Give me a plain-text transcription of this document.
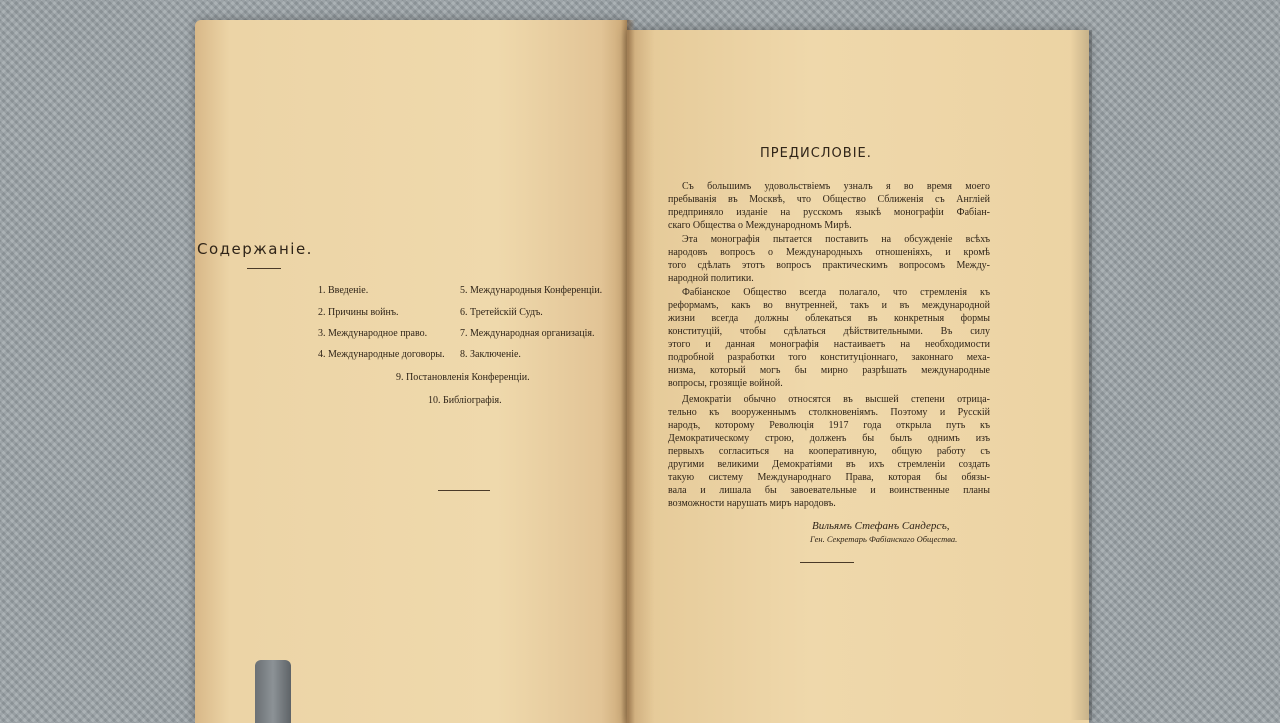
Содержанiе.
1. Введенiе.
2. Причины войнъ.
3. Международное право.
4. Международные договоры.
5. Международныя Конференцiи.
6. Третейскiй Судъ.
7. Международная организацiя.
8. Заключенiе.
9. Постановленiя Конференцiи.
10. Библiографiя.
ПРЕДИСЛОВIЕ.
Съ большимъ удовольствiемъ узналъ я во время моего
пребыванiя въ Москвѣ, что Общество Сближенiя съ Англiей
предприняло изданiе на русскомъ языкѣ монографiи Фабiан-
скаго Общества о Международномъ Мирѣ.
Эта монографiя пытается поставить на обсужденiе всѣхъ
народовъ вопросъ о Международныхъ отношенiяхъ, и кромѣ
того сдѣлать этотъ вопросъ практическимъ вопросомъ Между-
народной политики.
Фабiанское Общество всегда полагало, что стремленiя къ
реформамъ, какъ во внутренней, такъ и въ международной
жизни всегда должны облекаться въ конкретныя формы
конституцiй, чтобы сдѣлаться дѣйствительными. Въ силу
этого и данная монографiя настаиваетъ на необходимости
подробной разработки того конституцiоннаго, законнаго меха-
низма, который могъ бы мирно разрѣшать международные
вопросы, грозящiе войной.
Демократiи обычно относятся въ высшей степени отрица-
тельно къ вооруженнымъ столкновенiямъ. Поэтому и Русскiй
народъ, которому Революцiя 1917 года открыла путь къ
Демократическому строю, долженъ бы былъ однимъ изъ
первыхъ согласиться на кооперативную, общую работу съ
другими великими Демократiями въ ихъ стремленiи создать
такую систему Международнаго Права, которая бы обязы-
вала и лишала бы завоевательные и воинственные планы
возможности нарушать миръ народовъ.
Вильямъ Стефанъ Сандерсъ,
Ген. Секретарь Фабiанскаго Общества.
